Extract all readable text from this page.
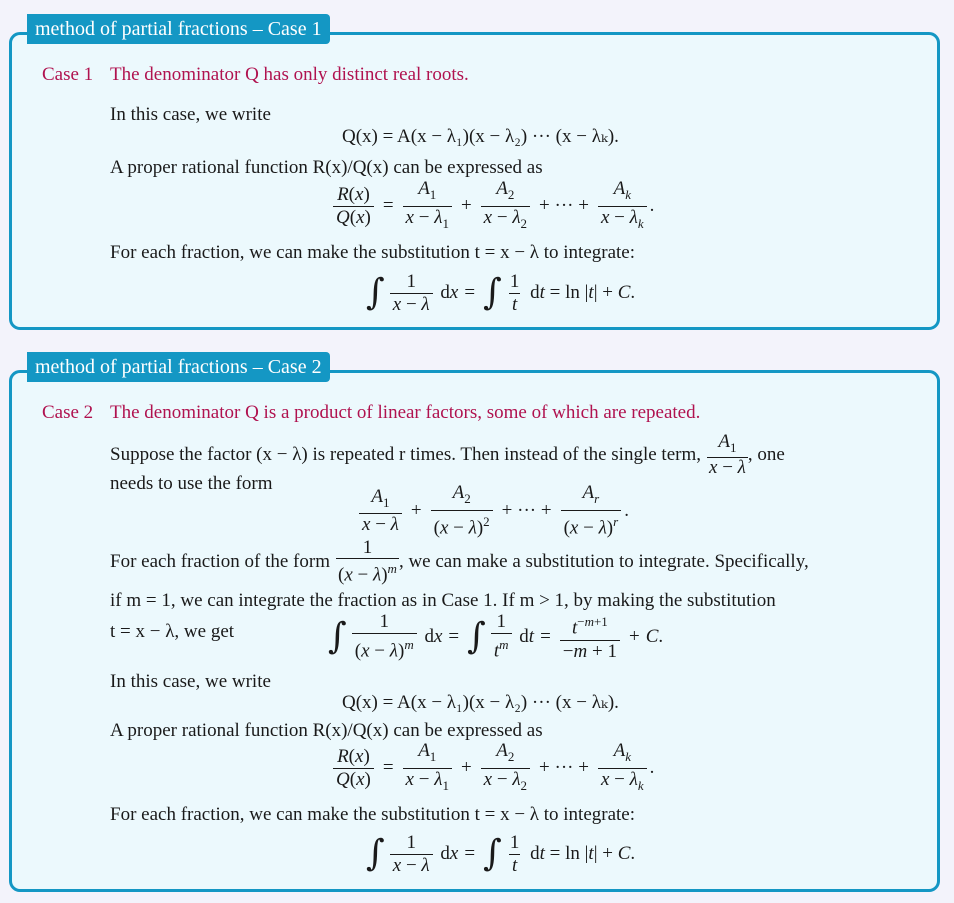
method of partial fractions – Case 1
Case 1 The denominator Q has only distinct real roots.
In this case, we write
Q(x) = A(x − λ₁)(x − λ₂) ··· (x − λₖ).
A proper rational function R(x)/Q(x) can be expressed as
$\frac{R(x)}{Q(x)} = \frac{A_1}{x - \lambda_1} + \frac{A_2}{x - \lambda_2}$ + ··· + $\frac{A_k}{x - \lambda_k}$ .
For each fraction, we can make the substitution t = x − λ to integrate:
∫ $\frac{1}{x - \lambda}$ dx = ∫ $\frac{1}{t}$ dt = ln |t| + C.
method of partial fractions – Case 2
Case 2 The denominator Q is a product of linear factors, some of which are repeated.
Suppose the factor (x − λ) is repeated r times. Then instead of the single term, $\frac{A_1}{x - \lambda}$ , one
needs to use the form
$\frac{A_1}{x - \lambda} + \frac{A_2}{(x - \lambda)^2}$ + ··· + $\frac{A_r}{(x - \lambda)^r}$ .
For each fraction of the form $\frac{1}{(x - \lambda)^m}$ , we can make a substitution to integrate. Specifically,
if m = 1, we can integrate the fraction as in Case 1. If m > 1, by making the substitution
t = x − λ, we get	∫ $\frac{1}{(x - \lambda)^m}$ dx = ∫ $\frac{1}{t^m}$ dt = $\frac{t^{-m+1}}{-m + 1} + C$ .
In this case, we write
Q(x) = A(x − λ₁)(x − λ₂) ··· (x − λₖ).
A proper rational function R(x)/Q(x) can be expressed as
$\frac{R(x)}{Q(x)} = \frac{A_1}{x - \lambda_1} + \frac{A_2}{x - \lambda_2}$ + ··· + $\frac{A_k}{x - \lambda_k}$ .
For each fraction, we can make the substitution t = x − λ to integrate:
∫ $\frac{1}{x - \lambda}$ dx = ∫ $\frac{1}{t}$ dt = ln |t| + C.
